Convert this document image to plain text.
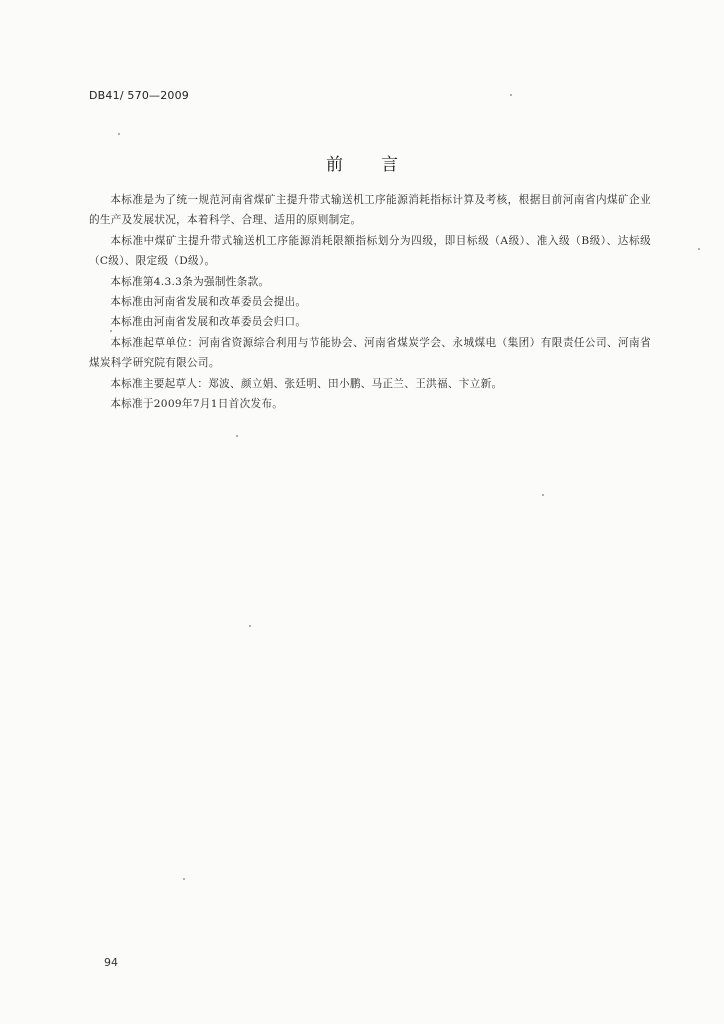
DB41/ 570—2009
前 言

本标准是为了统一规范河南省煤矿主提升带式输送机工序能源消耗指标计算及考核，根据目前河南省内煤矿企业的生产及发展状况，本着科学、合理、适用的原则制定。

本标准中煤矿主提升带式输送机工序能源消耗限额指标划分为四级，即目标级（A级）、准入级（B级）、达标级（C级）、限定级（D级）。

本标准第4.3.3条为强制性条款。

本标准由河南省发展和改革委员会提出。

本标准由河南省发展和改革委员会归口。

本标准起草单位：河南省资源综合利用与节能协会、河南省煤炭学会、永城煤电（集团）有限责任公司、河南省煤炭科学研究院有限公司。

本标准主要起草人：郑波、颜立娟、张廷明、田小鹏、马正兰、王洪福、卞立新。

本标准于2009年7月1日首次发布。

94
